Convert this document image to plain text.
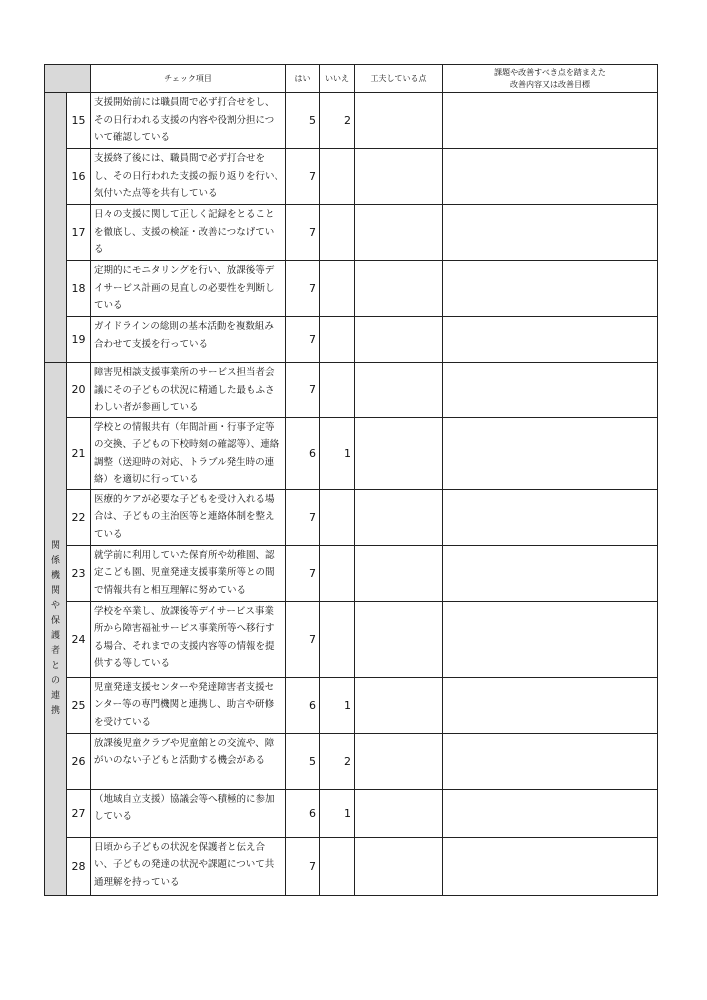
		チェック項目	はい	いいえ	工夫している点	課題や改善すべき点を踏まえた
改善内容又は改善目標
	15	支援開始前には職員間で必ず打合せをし、その日行われる支援の内容や役割分担について確認している	5	2		
	16	支援終了後には、職員間で必ず打合せをし、その日行われた支援の振り返りを行い､気付いた点等を共有している	7			
	17	日々の支援に関して正しく記録をとることを徹底し、支援の検証・改善につなげている	7			
	18	定期的にモニタリングを行い、放課後等デイサービス計画の見直しの必要性を判断している	7			
	19	ガイドラインの総則の基本活動を複数組み合わせて支援を行っている	7			
関係機関や保護者との連携	20	障害児相談支援事業所のサービス担当者会議にその子どもの状況に精通した最もふさわしい者が参画している	7			
	21	学校との情報共有（年間計画・行事予定等の交換、子どもの下校時刻の確認等）、連絡調整（送迎時の対応、トラブル発生時の連絡）を適切に行っている	6	1		
	22	医療的ケアが必要な子どもを受け入れる場合は、子どもの主治医等と連絡体制を整えている	7			
	23	就学前に利用していた保育所や幼稚園、認定こども園、児童発達支援事業所等との間で情報共有と相互理解に努めている	7			
	24	学校を卒業し、放課後等デイサービス事業所から障害福祉サービス事業所等へ移行する場合、それまでの支援内容等の情報を提供する等している	7			
	25	児童発達支援センターや発達障害者支援センター等の専門機関と連携し、助言や研修を受けている	6	1		
	26	放課後児童クラブや児童館との交流や、障がいのない子どもと活動する機会がある	5	2		
	27	（地域自立支援）協議会等へ積極的に参加している	6	1		
	28	日頃から子どもの状況を保護者と伝え合い、子どもの発達の状況や課題について共通理解を持っている	7			
